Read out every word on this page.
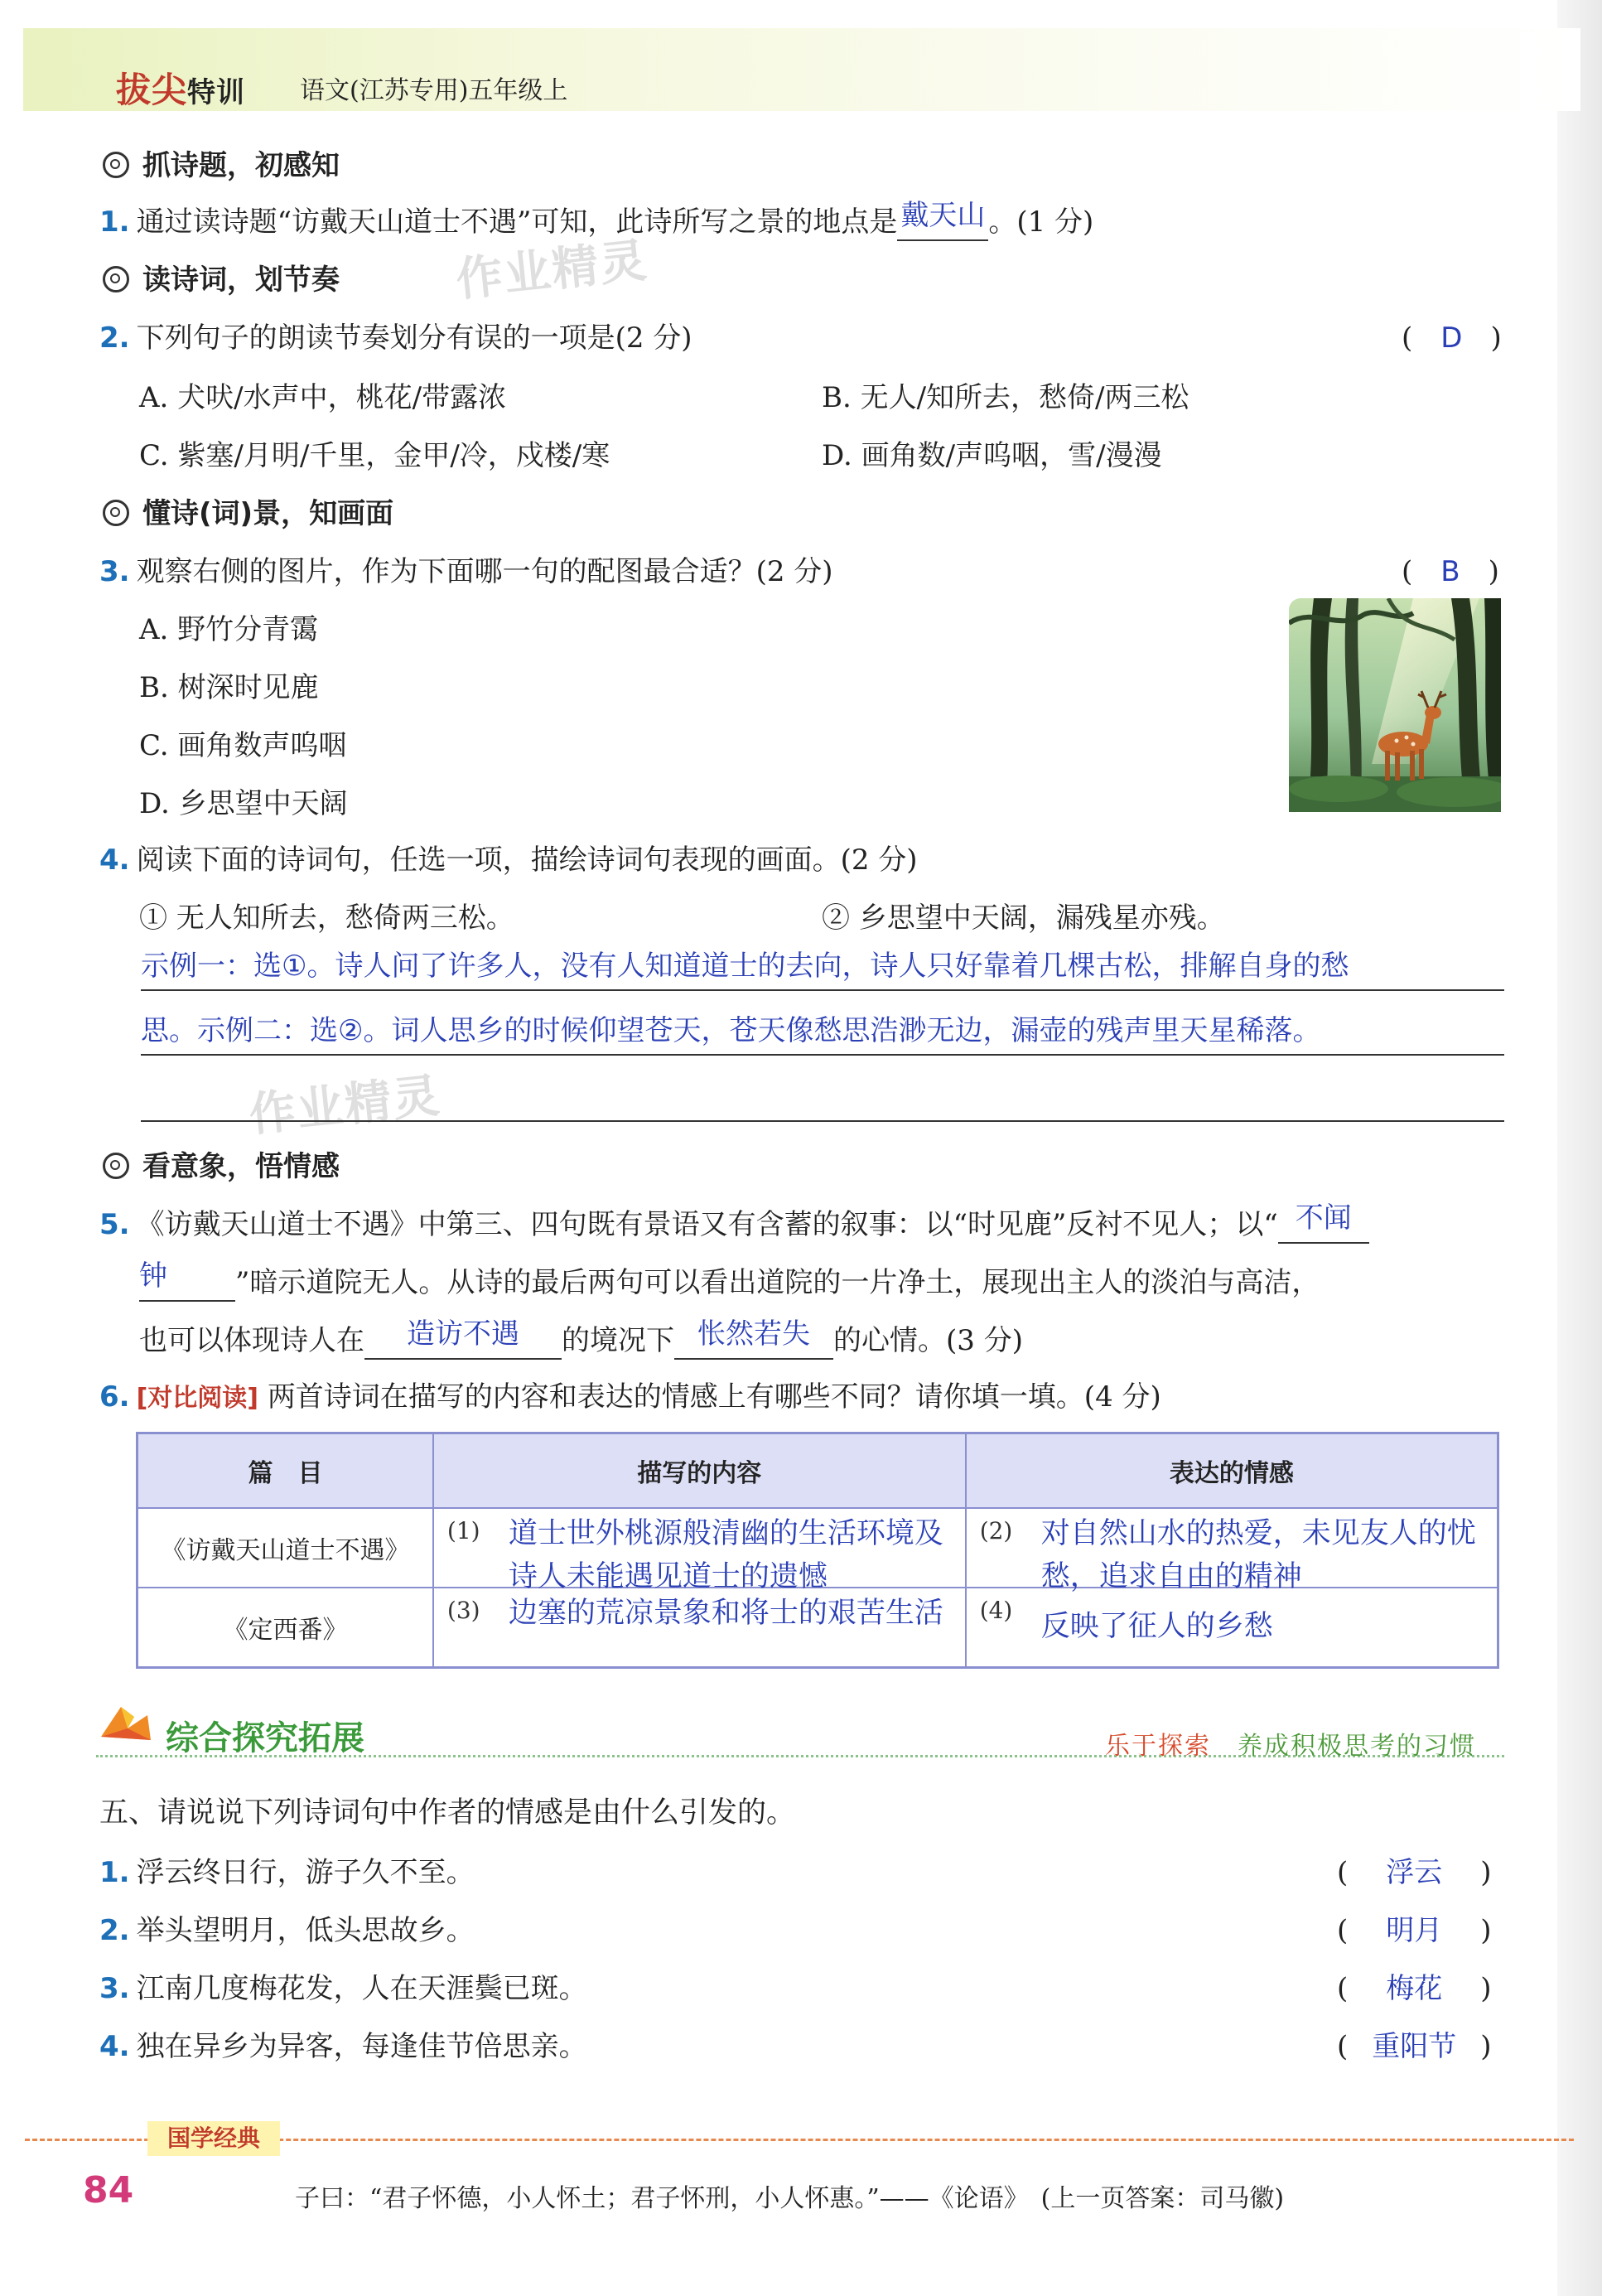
拔尖特训 语文(江苏专用)五年级上
作业精灵
作业精灵
抓诗题，初感知
1. 通过读诗题“访戴天山道士不遇”可知，此诗所写之景的地点是 戴天山 。(1 分)
读诗词，划节奏
2. 下列句子的朗读节奏划分有误的一项是(2 分)	(　D　)
A. 犬吠/水声中，桃花/带露浓	B. 无人/知所去，愁倚/两三松
C. 紫塞/月明/千里，金甲/冷，戍楼/寒	D. 画角数/声呜咽，雪/漫漫
懂诗(词)景，知画面
3. 观察右侧的图片，作为下面哪一句的配图最合适？(2 分)	(　B　)
A. 野竹分青霭
B. 树深时见鹿
C. 画角数声呜咽
D. 乡思望中天阔
4. 阅读下面的诗词句，任选一项，描绘诗词句表现的画面。(2 分)
① 无人知所去，愁倚两三松。	② 乡思望中天阔，漏残星亦残。
示例一：选①。诗人问了许多人，没有人知道道士的去向，诗人只好靠着几棵古松，排解自身的愁
思。示例二：选②。词人思乡的时候仰望苍天，苍天像愁思浩渺无边，漏壶的残声里天星稀落。
看意象，悟情感
5. 《访戴天山道士不遇》中第三、四句既有景语又有含蓄的叙事：以“时见鹿”反衬不见人；以“ 不闻
钟 ”暗示道院无人。从诗的最后两句可以看出道院的一片净土，展现出主人的淡泊与高洁，
也可以体现诗人在 造访不遇 的境况下 怅然若失 的心情。(3 分)
6. [对比阅读] 两首诗词在描写的内容和表达的情感上有哪些不同？请你填一填。(4 分)
篇　目	描写的内容	表达的情感
《访戴天山道士不遇》	(1) 道士世外桃源般清幽的生活环境及诗人未能遇见道士的遗憾	(2) 对自然山水的热爱，未见友人的忧愁，追求自由的精神

《定西番》	(3) 边塞的荒凉景象和将士的艰苦生活	(4) 反映了征人的乡愁
综合探究拓展	乐于探索　 养成积极思考的习惯
五、请说说下列诗词句中作者的情感是由什么引发的。
1. 浮云终日行，游子久不至。	( 浮云 )
2. 举头望明月，低头思故乡。	( 明月 )
3. 江南几度梅花发，人在天涯鬓已斑。	( 梅花 )
4. 独在异乡为异客，每逢佳节倍思亲。	( 重阳节 )
国学经典
84	子曰：“君子怀德，小人怀土；君子怀刑，小人怀惠。”——《论语》　(上一页答案：司马徽)
